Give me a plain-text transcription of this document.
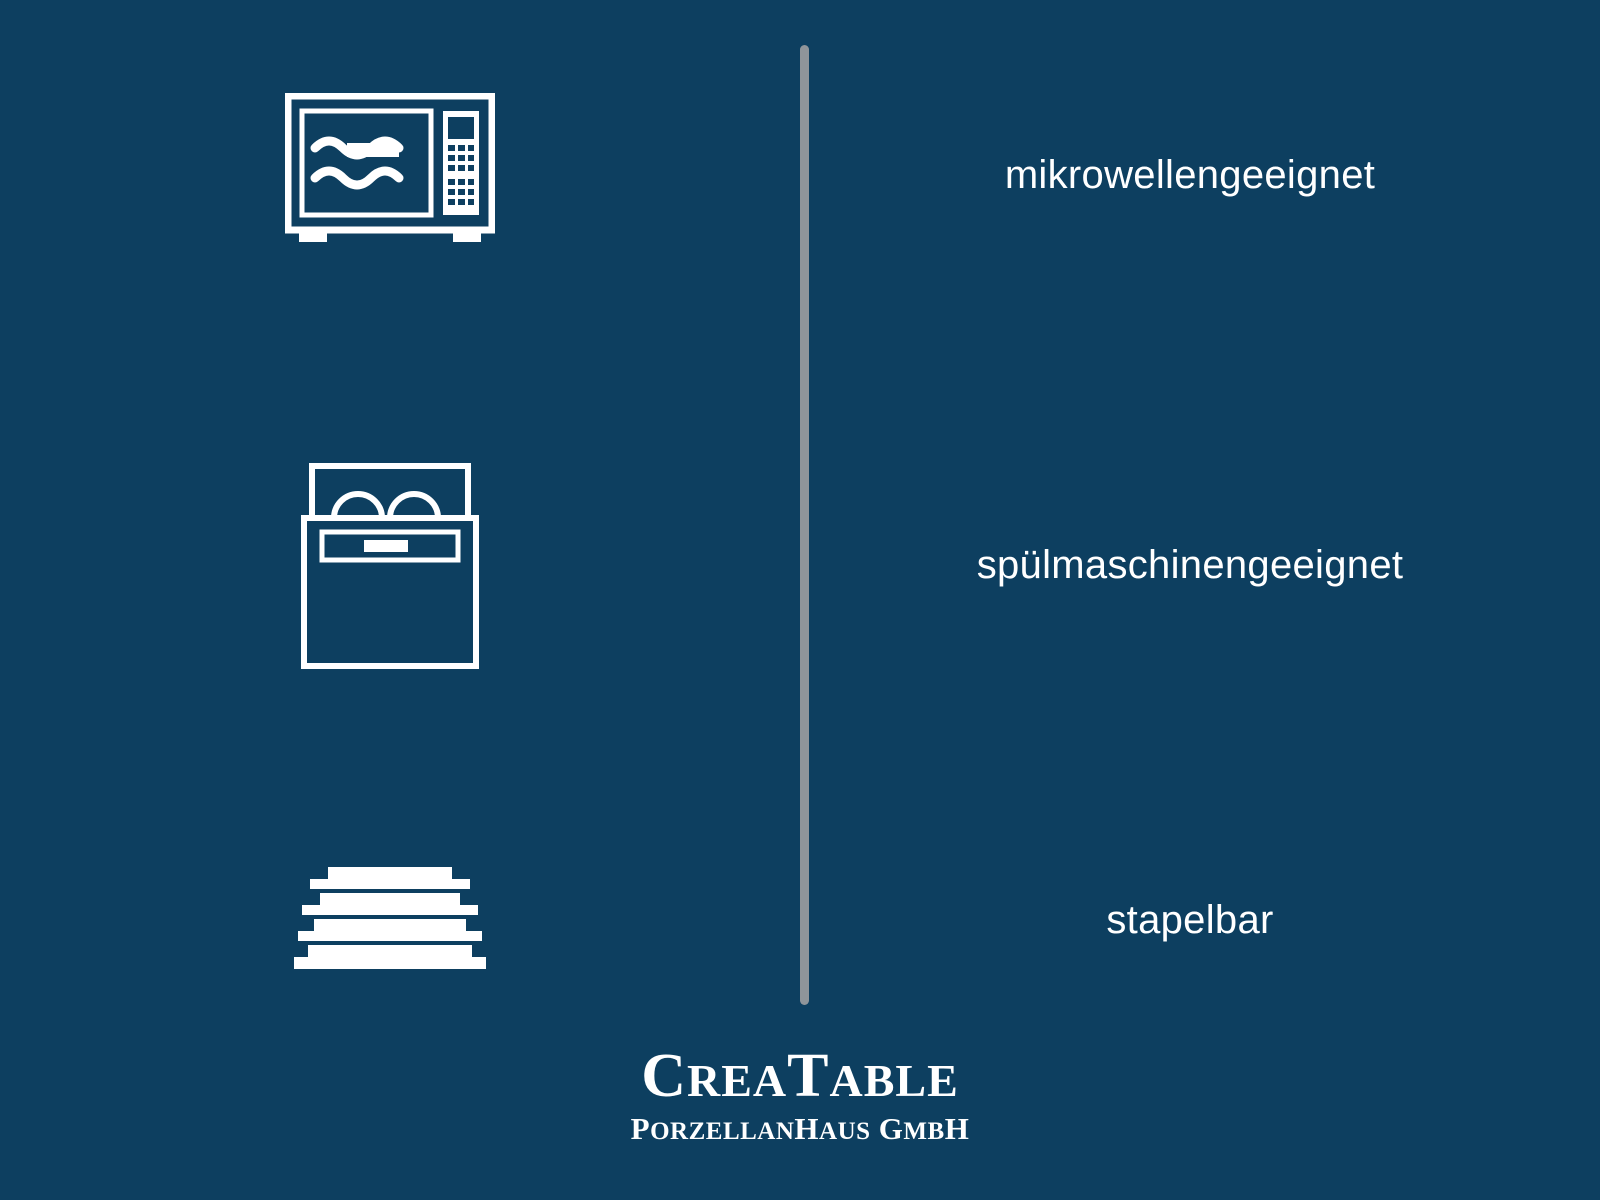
mikrowellengeeignet
spülmaschinengeeignet
stapelbar
CREATABLE
PORZELLANHAUS GMBH
